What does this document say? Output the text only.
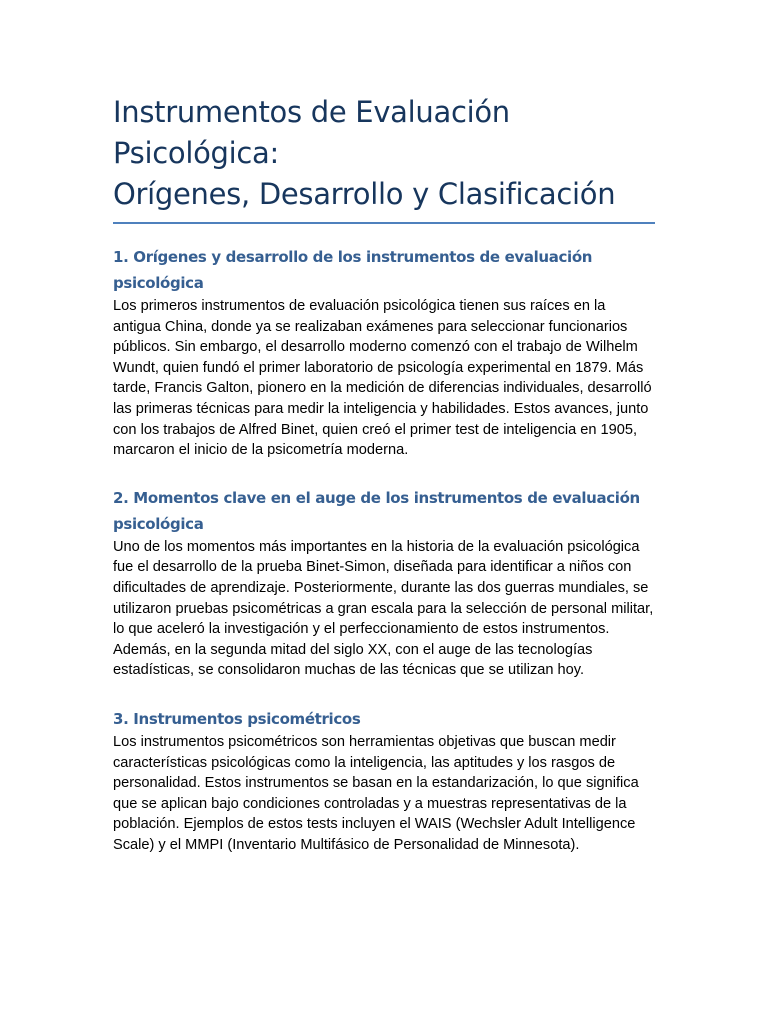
Instrumentos de Evaluación Psicológica:
Orígenes, Desarrollo y Clasificación
1. Orígenes y desarrollo de los instrumentos de evaluación psicológica

Los primeros instrumentos de evaluación psicológica tienen sus raíces en la antigua China, donde ya se realizaban exámenes para seleccionar funcionarios públicos. Sin embargo, el desarrollo moderno comenzó con el trabajo de Wilhelm Wundt, quien fundó el primer laboratorio de psicología experimental en 1879. Más tarde, Francis Galton, pionero en la medición de diferencias individuales, desarrolló las primeras técnicas para medir la inteligencia y habilidades. Estos avances, junto con los trabajos de Alfred Binet, quien creó el primer test de inteligencia en 1905, marcaron el inicio de la psicometría moderna.

2. Momentos clave en el auge de los instrumentos de evaluación psicológica

Uno de los momentos más importantes en la historia de la evaluación psicológica fue el desarrollo de la prueba Binet-Simon, diseñada para identificar a niños con dificultades de aprendizaje. Posteriormente, durante las dos guerras mundiales, se utilizaron pruebas psicométricas a gran escala para la selección de personal militar, lo que aceleró la investigación y el perfeccionamiento de estos instrumentos. Además, en la segunda mitad del siglo XX, con el auge de las tecnologías estadísticas, se consolidaron muchas de las técnicas que se utilizan hoy.

3. Instrumentos psicométricos

Los instrumentos psicométricos son herramientas objetivas que buscan medir características psicológicas como la inteligencia, las aptitudes y los rasgos de personalidad. Estos instrumentos se basan en la estandarización, lo que significa que se aplican bajo condiciones controladas y a muestras representativas de la población. Ejemplos de estos tests incluyen el WAIS (Wechsler Adult Intelligence Scale) y el MMPI (Inventario Multifásico de Personalidad de Minnesota).
